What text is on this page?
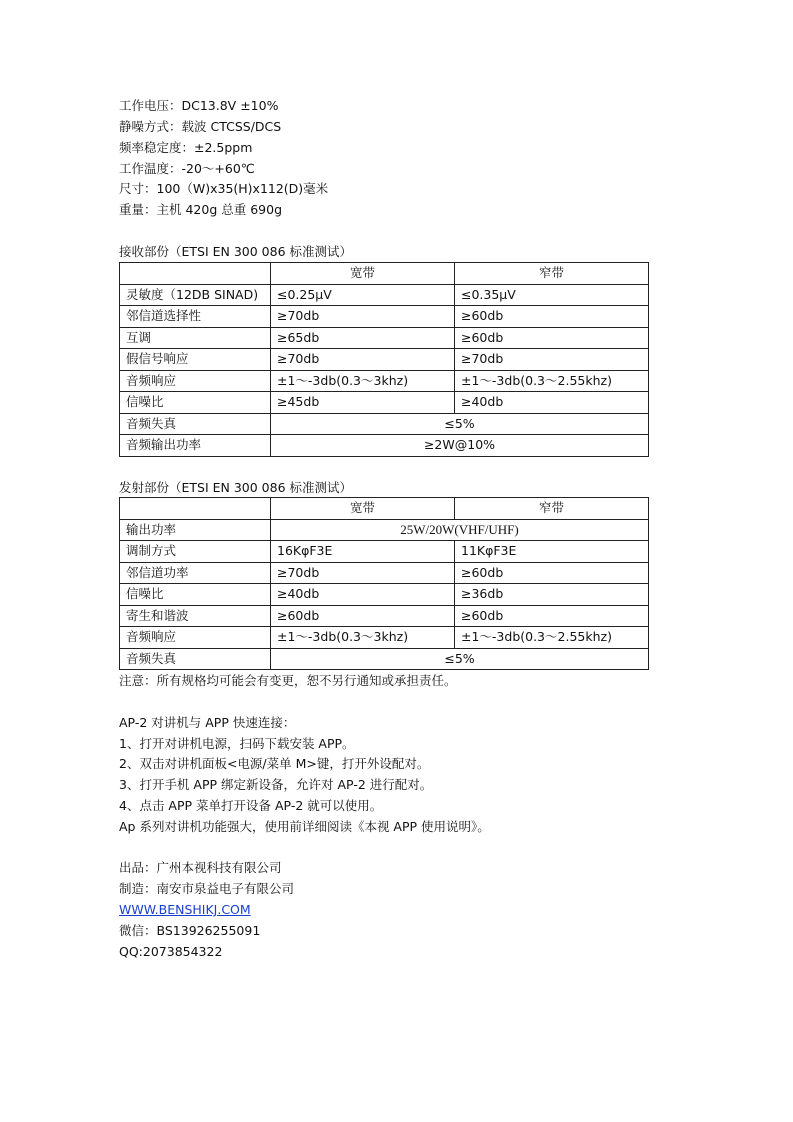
工作电压：DC13.8V ±10%
静噪方式：载波 CTCSS/DCS
频率稳定度：±2.5ppm
工作温度：-20～+60℃
尺寸：100（W)x35(H)x112(D)毫米
重量：主机 420g 总重 690g
接收部份（ETSI EN 300 086 标准测试）
	宽带	窄带
灵敏度（12DB SINAD)	≤0.25μV	≤0.35μV
邻信道选择性	≥70db	≥60db
互调	≥65db	≥60db
假信号响应	≥70db	≥70db
音频响应	±1～-3db(0.3～3khz)	±1～-3db(0.3～2.55khz)
信噪比	≥45db	≥40db
音频失真	≤5%	
音频输出功率	≥2W@10%	
发射部份（ETSI EN 300 086 标准测试）
	宽带	窄带
输出功率	25W/20W(VHF/UHF)	
调制方式	16KφF3E	11KφF3E
邻信道功率	≥70db	≥60db
信噪比	≥40db	≥36db
寄生和谐波	≥60db	≥60db
音频响应	±1～-3db(0.3～3khz)	±1～-3db(0.3～2.55khz)
音频失真	≤5%	
注意：所有规格均可能会有变更，恕不另行通知或承担责任。
AP-2 对讲机与 APP 快速连接：
1、打开对讲机电源，扫码下载安装 APP。
2、双击对讲机面板<电源/菜单 M>键，打开外设配对。
3、打开手机 APP 绑定新设备，允许对 AP-2 进行配对。
4、点击 APP 菜单打开设备 AP-2 就可以使用。
Ap 系列对讲机功能强大，使用前详细阅读《本视 APP 使用说明》。
出品：广州本视科技有限公司
制造：南安市泉益电子有限公司
WWW.BENSHIKJ.COM
微信：BS13926255091
QQ:2073854322
